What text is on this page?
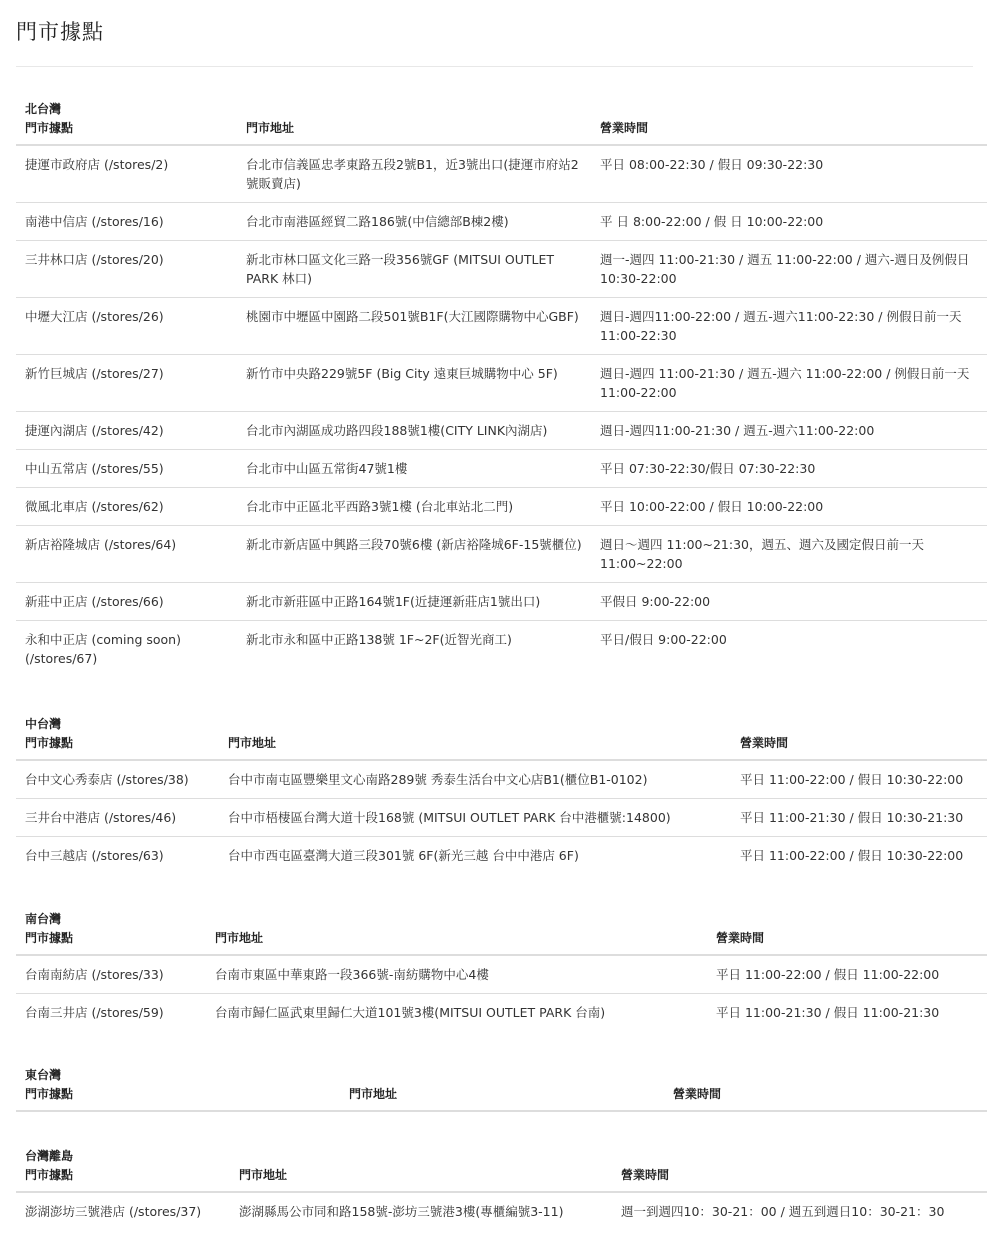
門市據點
北台灣
門市據點	門市地址	營業時間
捷運市政府店 (/stores/2)	台北市信義區忠孝東路五段2號B1，近3號出口(捷運市府站2號販賣店)	平日 08:00-22:30 / 假日 09:30-22:30
南港中信店 (/stores/16)	台北市南港區經貿二路186號(中信總部B棟2樓)	平 日 8:00-22:00 / 假 日 10:00-22:00
三井林口店 (/stores/20)	新北市林口區文化三路一段356號GF (MITSUI OUTLET PARK 林口)	週一-週四 11:00-21:30 / 週五 11:00-22:00 / 週六-週日及例假日 10:30-22:00
中壢大江店 (/stores/26)	桃園市中壢區中園路二段501號B1F(大江國際購物中心GBF)	週日-週四11:00-22:00 / 週五-週六11:00-22:30 / 例假日前一天11:00-22:30
新竹巨城店 (/stores/27)	新竹市中央路229號5F (Big City 遠東巨城購物中心 5F)	週日-週四 11:00-21:30 / 週五-週六 11:00-22:00 / 例假日前一天11:00-22:00
捷運內湖店 (/stores/42)	台北市內湖區成功路四段188號1樓(CITY LINK內湖店)	週日-週四11:00-21:30 / 週五-週六11:00-22:00
中山五常店 (/stores/55)	台北市中山區五常街47號1樓	平日 07:30-22:30/假日 07:30-22:30
微風北車店 (/stores/62)	台北市中正區北平西路3號1樓 (台北車站北二門)	平日 10:00-22:00 / 假日 10:00-22:00
新店裕隆城店 (/stores/64)	新北市新店區中興路三段70號6樓 (新店裕隆城6F-15號櫃位)	週日～週四 11:00~21:30，週五、週六及國定假日前一天 11:00~22:00
新莊中正店 (/stores/66)	新北市新莊區中正路164號1F(近捷運新莊店1號出口)	平假日 9:00-22:00
永和中正店 (coming soon) (/stores/67)	新北市永和區中正路138號 1F~2F(近智光商工)	平日/假日 9:00-22:00
中台灣
門市據點	門市地址	營業時間
台中文心秀泰店 (/stores/38)	台中市南屯區豐樂里文心南路289號 秀泰生活台中文心店B1(櫃位B1-0102)	平日 11:00-22:00 / 假日 10:30-22:00
三井台中港店 (/stores/46)	台中市梧棲區台灣大道十段168號 (MITSUI OUTLET PARK 台中港櫃號:14800)	平日 11:00-21:30 / 假日 10:30-21:30
台中三越店 (/stores/63)	台中市西屯區臺灣大道三段301號 6F(新光三越 台中中港店 6F)	平日 11:00-22:00 / 假日 10:30-22:00
南台灣
門市據點	門市地址	營業時間
台南南紡店 (/stores/33)	台南市東區中華東路一段366號-南紡購物中心4樓	平日 11:00-22:00 / 假日 11:00-22:00
台南三井店 (/stores/59)	台南市歸仁區武東里歸仁大道101號3樓(MITSUI OUTLET PARK 台南)	平日 11:00-21:30 / 假日 11:00-21:30
東台灣
門市據點	門市地址	營業時間
台灣離島
門市據點	門市地址	營業時間
澎湖澎坊三號港店 (/stores/37)	澎湖縣馬公市同和路158號-澎坊三號港3樓(專櫃編號3-11)	週一到週四10：30-21：00 / 週五到週日10：30-21：30
